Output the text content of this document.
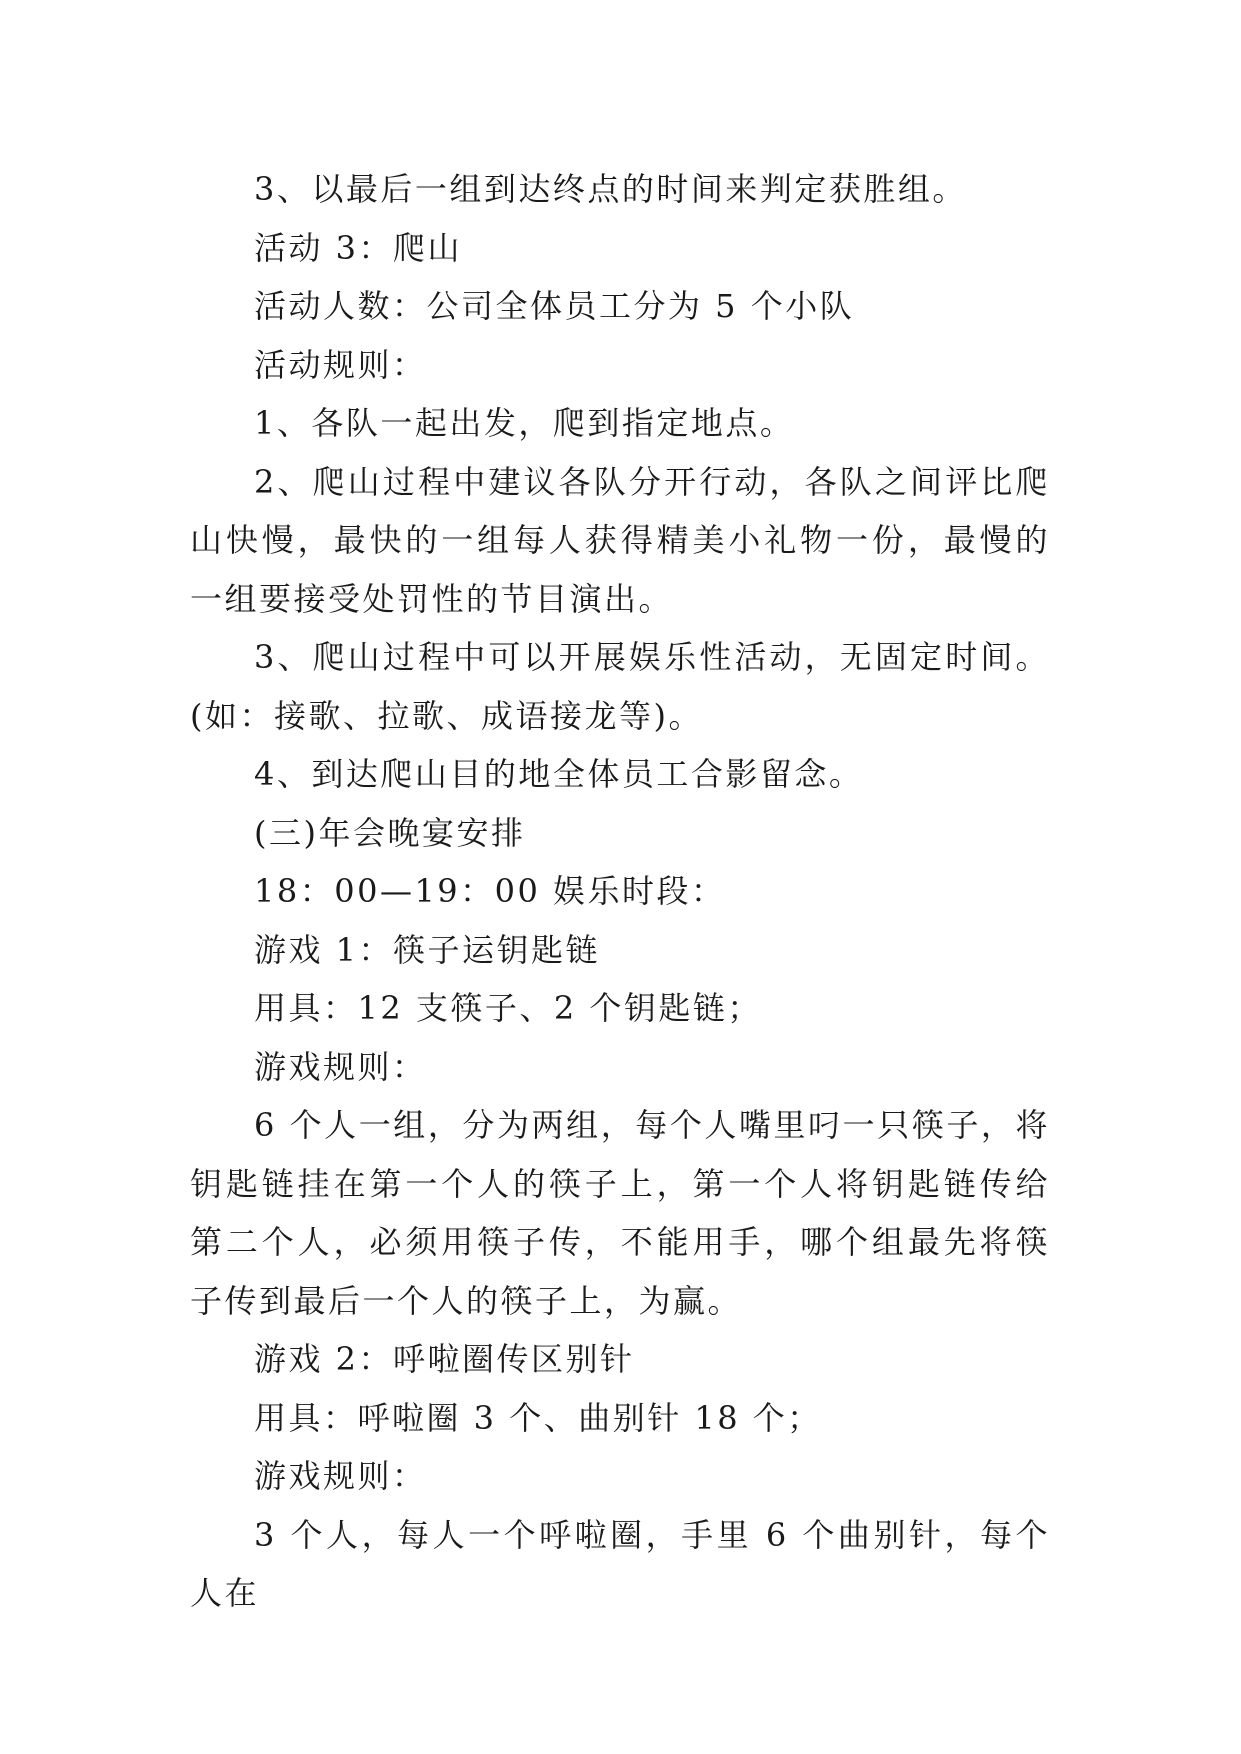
3、以最后一组到达终点的时间来判定获胜组。

活动 3：爬山

活动人数：公司全体员工分为 5 个小队

活动规则：

1、各队一起出发，爬到指定地点。

2、爬山过程中建议各队分开行动，各队之间评比爬山快慢，最快的一组每人获得精美小礼物一份，最慢的一组要接受处罚性的节目演出。

3、爬山过程中可以开展娱乐性活动，无固定时间。(如：接歌、拉歌、成语接龙等)。

4、到达爬山目的地全体员工合影留念。

(三)年会晚宴安排

18：00—19：00 娱乐时段：

游戏 1：筷子运钥匙链

用具：12 支筷子、2 个钥匙链；

游戏规则：

6 个人一组，分为两组，每个人嘴里叼一只筷子，将钥匙链挂在第一个人的筷子上，第一个人将钥匙链传给第二个人，必须用筷子传，不能用手，哪个组最先将筷子传到最后一个人的筷子上，为赢。

游戏 2：呼啦圈传区别针

用具：呼啦圈 3 个、曲别针 18 个；

游戏规则：

3 个人，每人一个呼啦圈，手里 6 个曲别针，每个人在
